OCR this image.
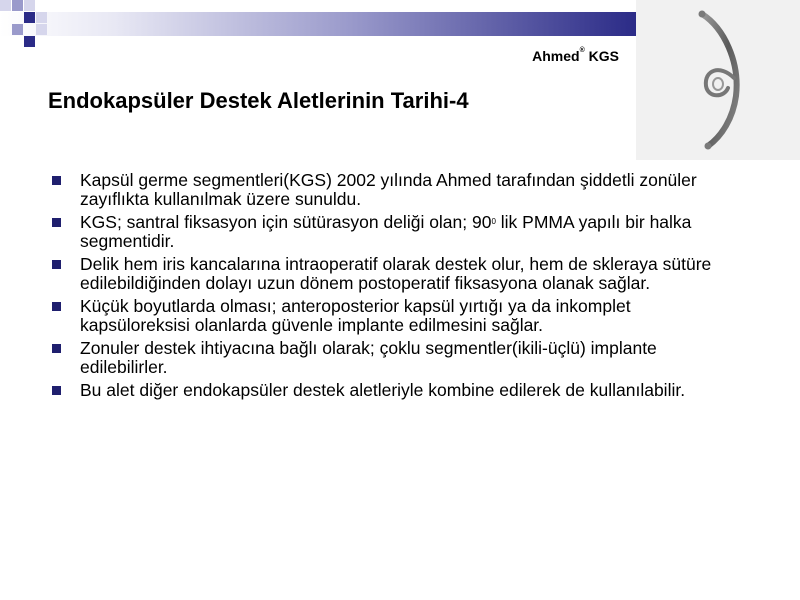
Ahmed® KGS
Endokapsüler Destek Aletlerinin Tarihi-4
Kapsül germe segmentleri(KGS) 2002 yılında Ahmed tarafından şiddetli zonüler zayıflıkta kullanılmak üzere sunuldu.
KGS; santral fiksasyon için sütürasyon deliği olan; $90^0$ lik PMMA yapılı bir halka segmentidir.
Delik hem iris kancalarına intraoperatif olarak destek olur, hem de skleraya sütüre edilebildiğinden dolayı uzun dönem postoperatif fiksasyona olanak sağlar.
Küçük boyutlarda olması; anteroposterior kapsül yırtığı ya da inkomplet kapsüloreksisi olanlarda güvenle implante edilmesini sağlar.
Zonuler destek ihtiyacına bağlı olarak; çoklu segmentler(ikili-üçlü) implante edilebilirler.
Bu alet diğer endokapsüler destek aletleriyle kombine edilerek de kullanılabilir.
